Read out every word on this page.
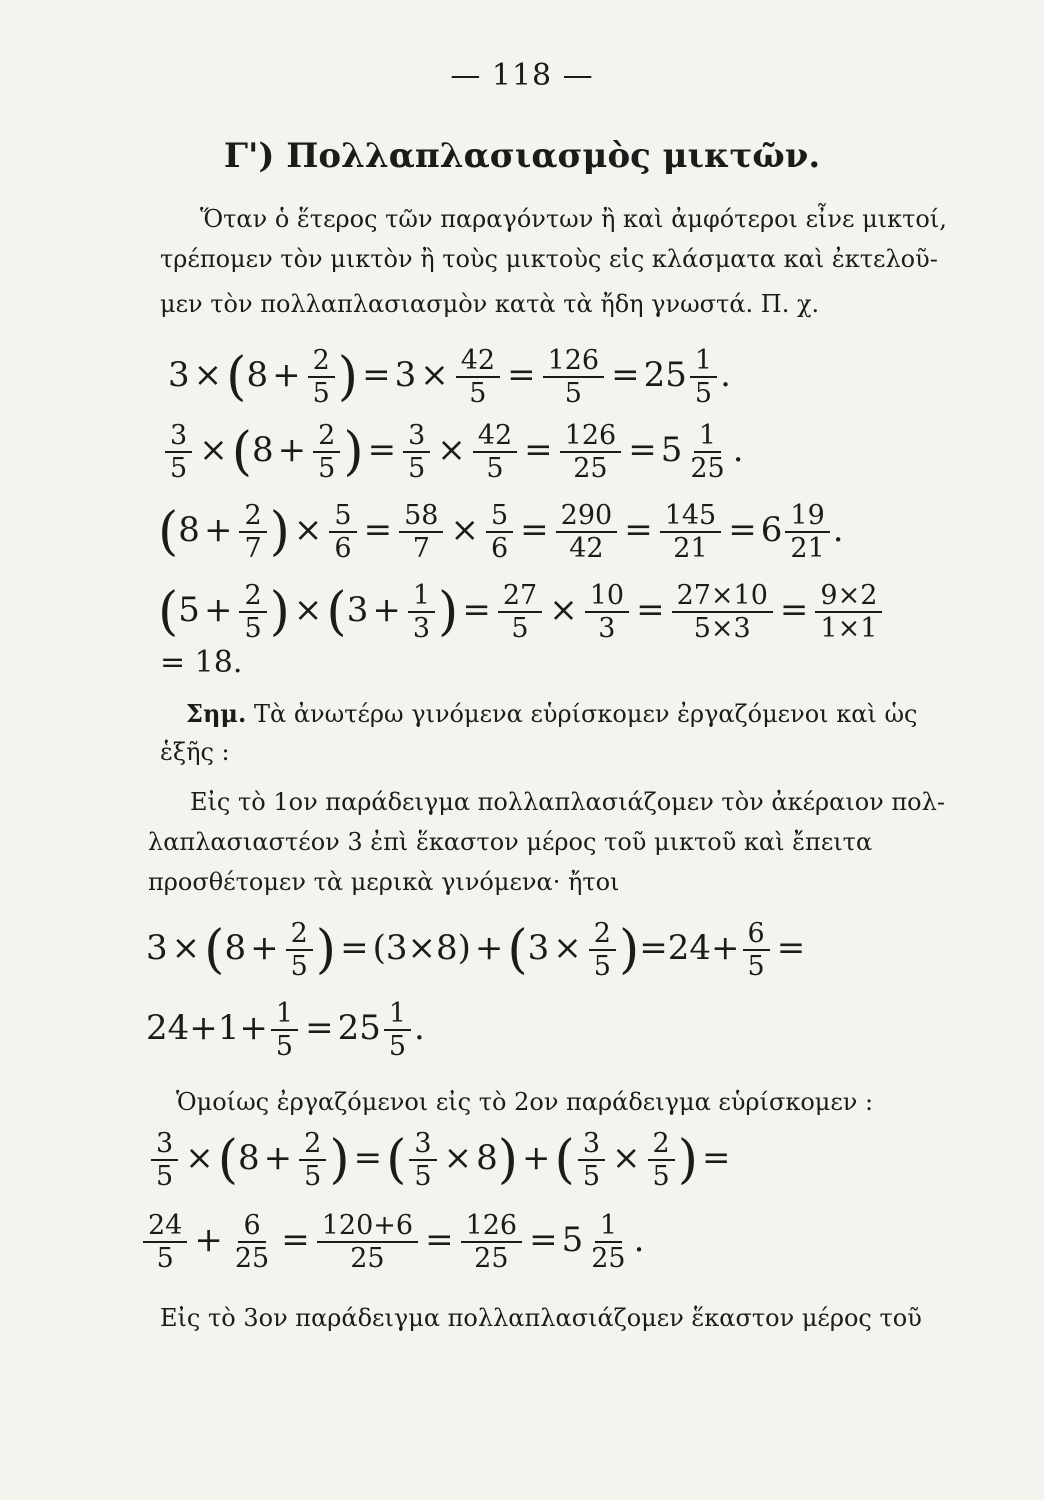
— 118 —
Γ') Πολλαπλασιασμὸς μικτῶν.
Ὅταν ὁ ἕτερος τῶν παραγόντων ἢ καὶ ἀμφότεροι εἶνε μικτοί,
τρέπομεν τὸν μικτὸν ἢ τοὺς μικτοὺς εἰς κλάσματα καὶ ἐκτελοῦ-
μεν τὸν πολλαπλασιασμὸν κατὰ τὰ ἤδη γνωστά. Π. χ.
$3 \times(8 + \frac{2}{5}$ ) = $3 \times \frac{42}{5} = \frac{126}{5} = 25 \frac{1}{5}$ .
$\frac{3}{5} \times(8 + \frac{2}{5}$ ) = $\frac{3}{5} \times \frac{42}{5} = \frac{126}{25} = 5 \frac{1}{25}$ .
($8 + \frac{2}{7}$ ) × $\frac{5}{6} = \frac{58}{7} \times \frac{5}{6} = \frac{290}{42} = \frac{145}{21} = 6 \frac{19}{21}$ .
($5 + \frac{2}{5}$ ) $\times(3 + \frac{1}{3}$ ) = $\frac{27}{5} \times \frac{10}{3} = \frac{27\times 10}{5\times 3} = \frac{9\times 2}{1\times 1}$
= 18.
Σημ. Τὰ ἀνωτέρω γινόμενα εὑρίσκομεν ἐργαζόμενοι καὶ ὡς
ἑξῆς :
Εἰς τὸ 1ον παράδειγμα πολλαπλασιάζομεν τὸν ἀκέραιον πολ-
λαπλασιαστέον 3 ἐπὶ ἕκαστον μέρος τοῦ μικτοῦ καὶ ἔπειτα
προσθέτομεν τὰ μερικὰ γινόμενα· ἤτοι
$3 \times(8 + \frac{2}{5}$ ) = $(3\times 8) +(3 \times \frac{2}{5} )=24+ \frac{6}{5}$ =
$24+1+ \frac{1}{5} = 25 \frac{1}{5}$ .
Ὁμοίως ἐργαζόμενοι εἰς τὸ 2ον παράδειγμα εὑρίσκομεν :
$\frac{3}{5} \times(8 + \frac{2}{5}$ ) =( $\frac{3}{5} \times 8$) +( $\frac{3}{5} \times \frac{2}{5}$ ) =
$\frac{24}{5} + \frac{6}{25} = \frac{120+6}{25} = \frac{126}{25} = 5 \frac{1}{25}$ .
Εἰς τὸ 3ον παράδειγμα πολλαπλασιάζομεν ἕκαστον μέρος τοῦ
